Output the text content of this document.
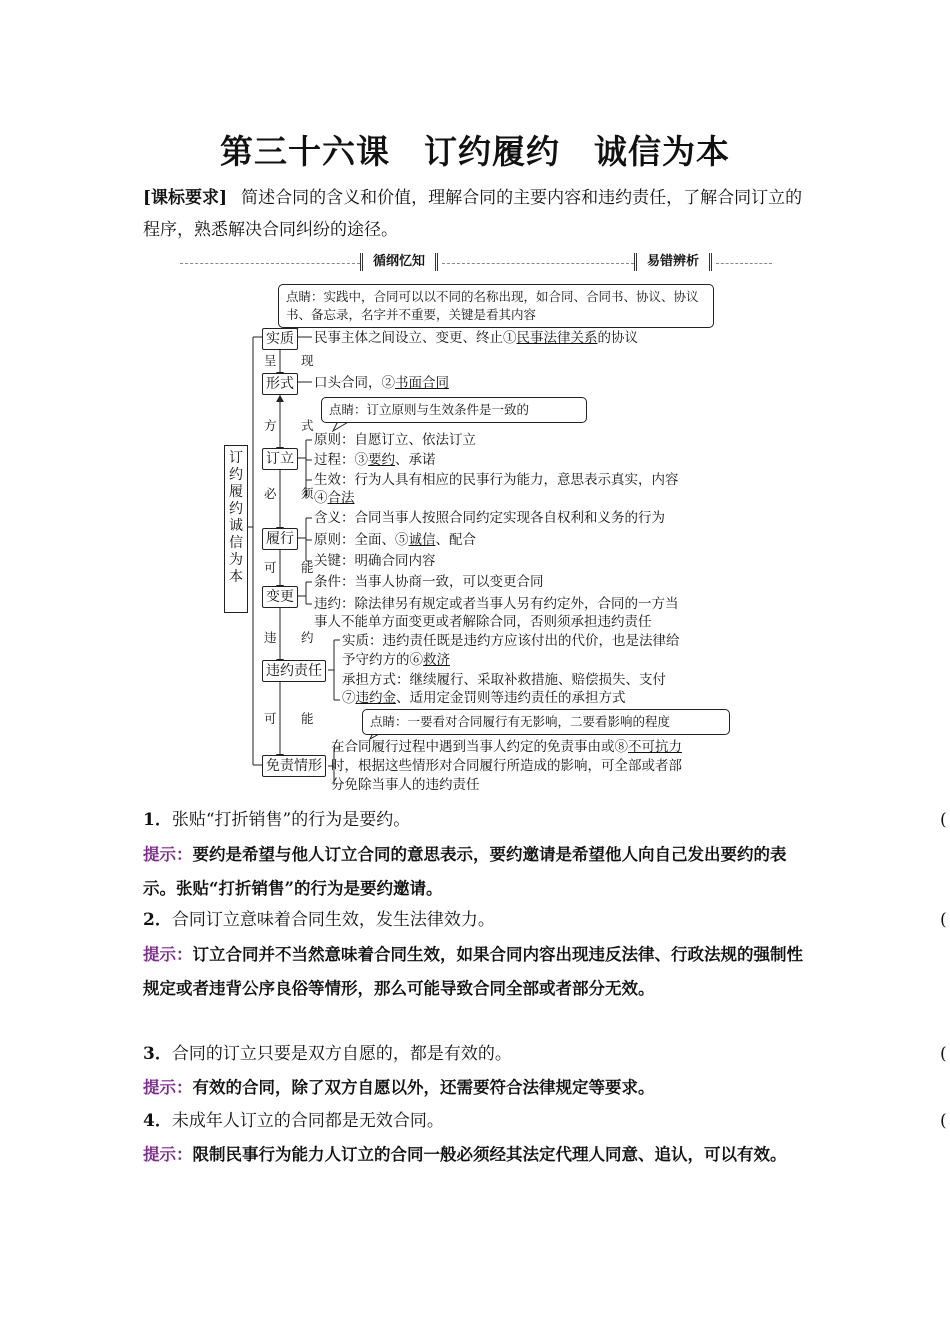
第三十六课　订约履约　诚信为本
[课标要求] 简述合同的含义和价值，理解合同的主要内容和违约责任，了解合同订立的程序，熟悉解决合同纠纷的途径。
循纲忆知	易错辨析
点睛：实践中，合同可以以不同的名称出现，如合同、合同书、协议、协议书、备忘录，名字并不重要，关键是看其内容
订约履约诚信为本
实质 民事主体之间设立、变更、终止①民事法律关系的协议
呈　现
形式 口头合同，②书面合同
点睛：订立原则与生效条件是一致的
方　式
订立
原则：自愿订立、依法订立
过程：③要约、承诺
生效：行为人具有相应的民事行为能力，意思表示真实，内容
④合法
必　须
履行
含义：合同当事人按照合同约定实现各自权利和义务的行为
原则：全面、⑤诚信、配合
关键：明确合同内容
可　能
变更
条件：当事人协商一致，可以变更合同
违约：除法律另有规定或者当事人另有约定外，合同的一方当
事人不能单方面变更或者解除合同，否则须承担违约责任
违　约
违约责任
实质：违约责任既是违约方应该付出的代价，也是法律给
予守约方的⑥救济
承担方式：继续履行、采取补救措施、赔偿损失、支付
⑦违约金、适用定金罚则等违约责任的承担方式
可　能	点睛：一要看对合同履行有无影响，二要看影响的程度
免责情形
在合同履行过程中遇到当事人约定的免责事由或⑧不可抗力
时，根据这些情形对合同履行所造成的影响，可全部或者部
分免除当事人的违约责任
1．张贴“打折销售”的行为是要约。	(
提示：要约是希望与他人订立合同的意思表示，要约邀请是希望他人向自己发出要约的表示。张贴“打折销售”的行为是要约邀请。
2．合同订立意味着合同生效，发生法律效力。	(
提示：订立合同并不当然意味着合同生效，如果合同内容出现违反法律、行政法规的强制性规定或者违背公序良俗等情形，那么可能导致合同全部或者部分无效。
3．合同的订立只要是双方自愿的，都是有效的。	(
提示：有效的合同，除了双方自愿以外，还需要符合法律规定等要求。
4．未成年人订立的合同都是无效合同。	(
提示：限制民事行为能力人订立的合同一般必须经其法定代理人同意、追认，可以有效。
